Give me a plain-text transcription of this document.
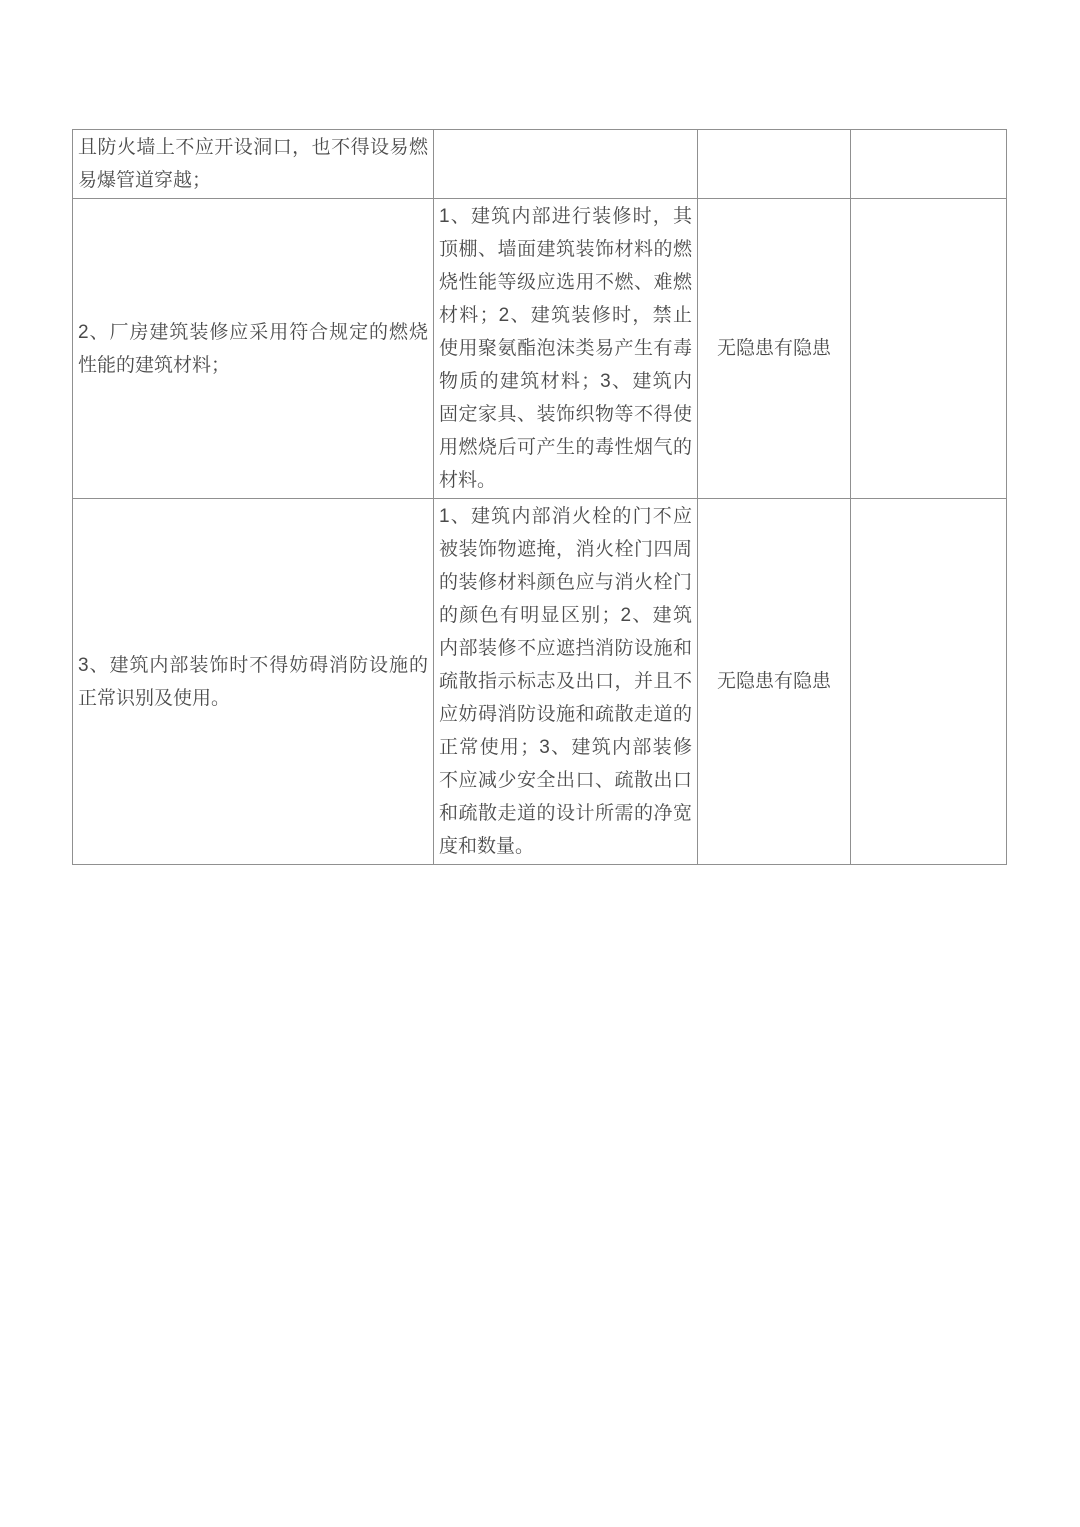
且防火墙上不应开设洞口，也不得设易燃易爆管道穿越；			
2、厂房建筑装修应采用符合规定的燃烧性能的建筑材料；	1、建筑内部进行装修时，其顶棚、墙面建筑装饰材料的燃烧性能等级应选用不燃、难燃材料；2、建筑装修时，禁止使用聚氨酯泡沫类易产生有毒物质的建筑材料；3、建筑内固定家具、装饰织物等不得使用燃烧后可产生的毒性烟气的材料。	无隐患有隐患	
3、建筑内部装饰时不得妨碍消防设施的正常识别及使用。	1、建筑内部消火栓的门不应被装饰物遮掩，消火栓门四周的装修材料颜色应与消火栓门的颜色有明显区别；2、建筑内部装修不应遮挡消防设施和疏散指示标志及出口，并且不应妨碍消防设施和疏散走道的正常使用；3、建筑内部装修不应减少安全出口、疏散出口和疏散走道的设计所需的净宽度和数量。	无隐患有隐患	
